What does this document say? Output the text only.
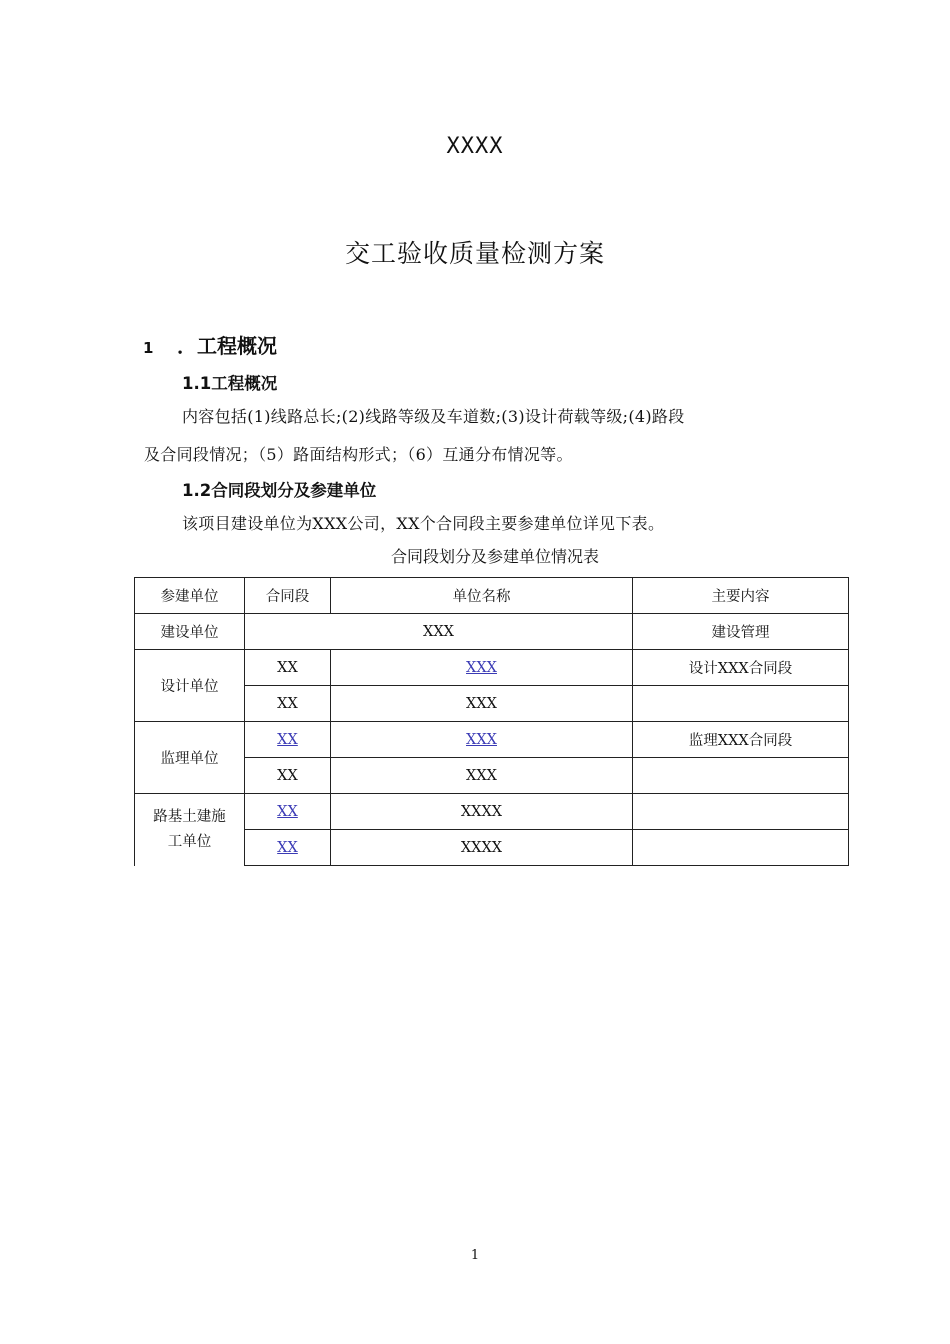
XXXX
交工验收质量检测方案
1 ．工程概况
1.1工程概况
内容包括(1)线路总长;(2)线路等级及车道数;(3)设计荷载等级;(4)路段
及合同段情况；（5）路面结构形式；（6）互通分布情况等。
1.2合同段划分及参建单位
该项目建设单位为XXX公司，XX个合同段主要参建单位详见下表。
合同段划分及参建单位情况表
参建单位	合同段	单位名称	主要内容
建设单位	XXX		建设管理
设计单位	XX	XXX	设计XXX合同段
	XX	XXX	
监理单位	XX	XXX	监理XXX合同段
	XX	XXX	

路基土建施
工单位	XX	XXXX	
	XX	XXXX	
1
